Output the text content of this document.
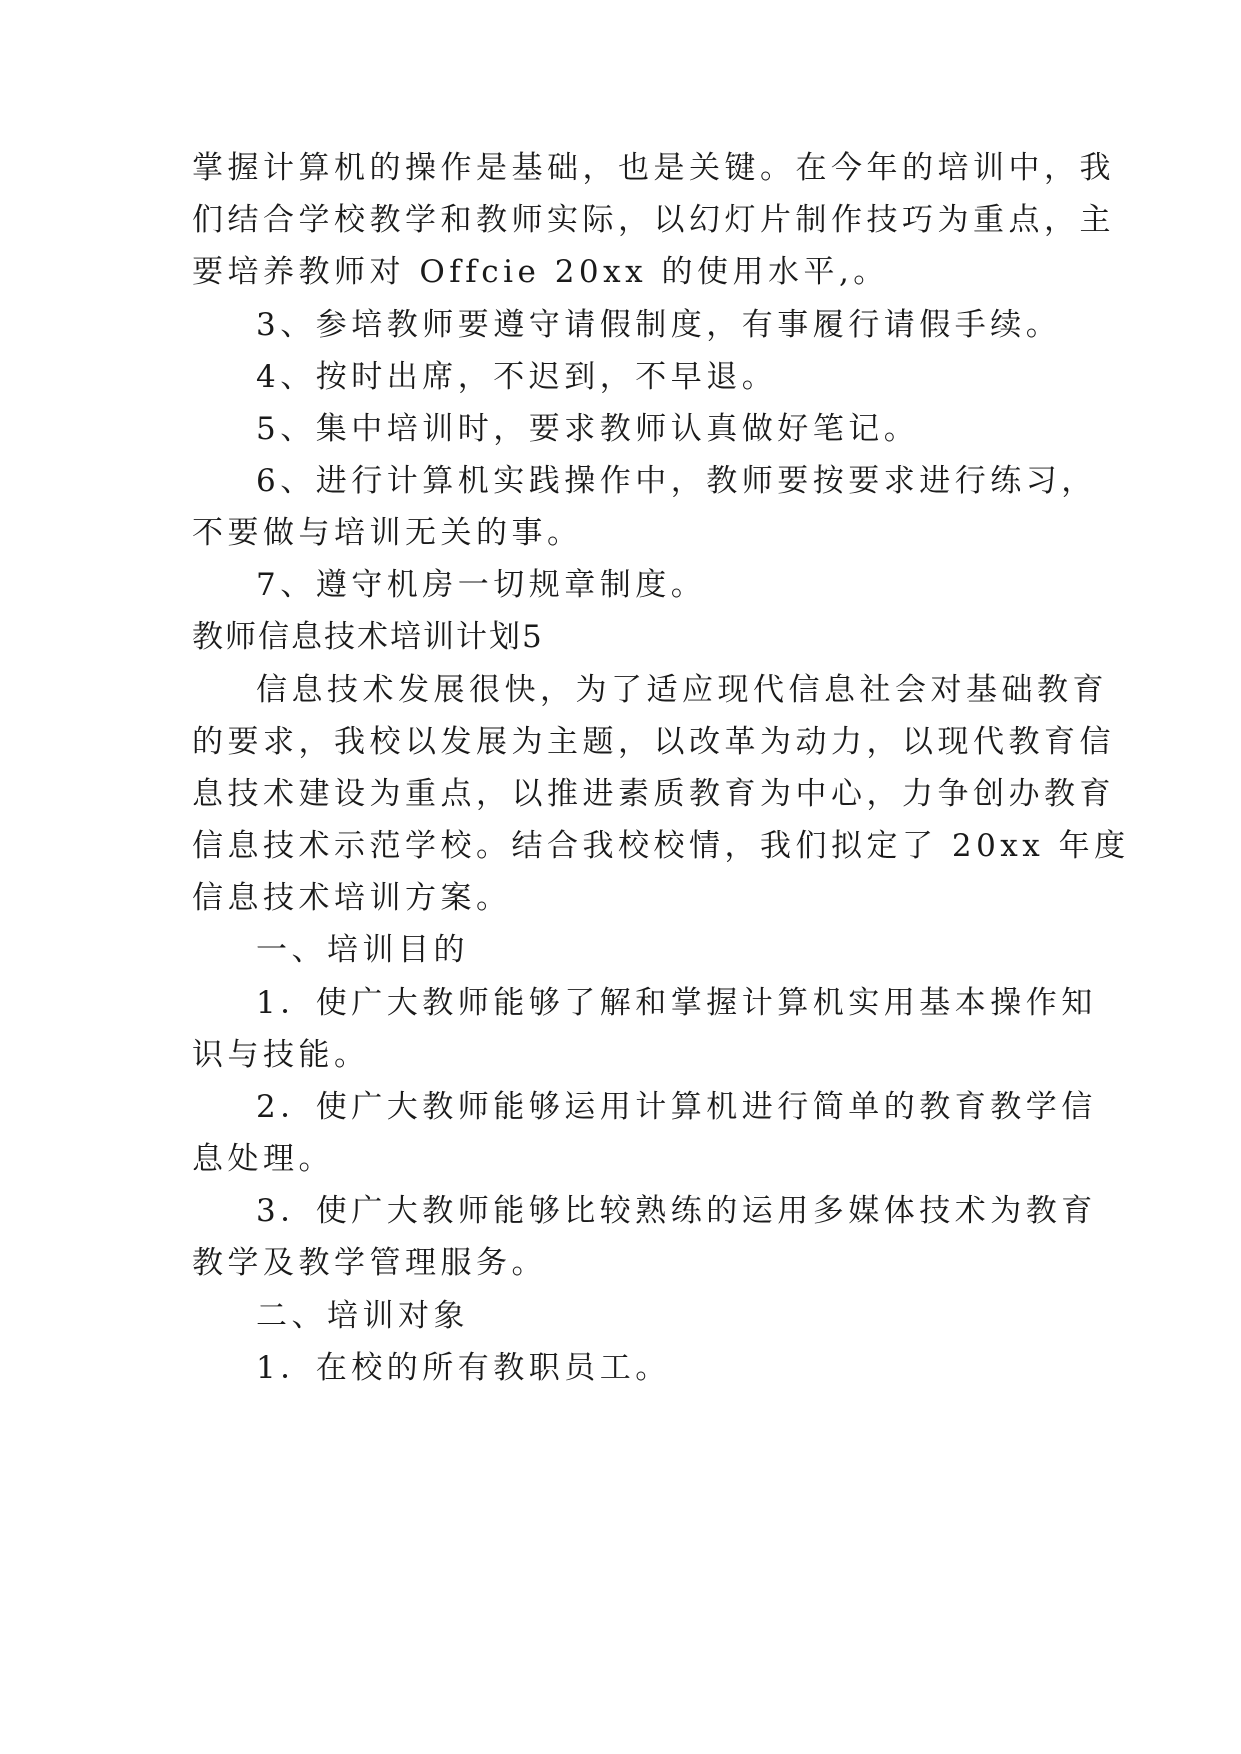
掌握计算机的操作是基础，也是关键。在今年的培训中，我
们结合学校教学和教师实际，以幻灯片制作技巧为重点，主
要培养教师对 Offcie 20xx 的使用水平,。
3、参培教师要遵守请假制度，有事履行请假手续。
4、按时出席，不迟到，不早退。
5、集中培训时，要求教师认真做好笔记。
6、进行计算机实践操作中，教师要按要求进行练习，
不要做与培训无关的事。
7、遵守机房一切规章制度。
教师信息技术培训计划5
信息技术发展很快，为了适应现代信息社会对基础教育
的要求，我校以发展为主题，以改革为动力，以现代教育信
息技术建设为重点，以推进素质教育为中心，力争创办教育
信息技术示范学校。结合我校校情，我们拟定了 20xx 年度
信息技术培训方案。
一、培训目的
1．使广大教师能够了解和掌握计算机实用基本操作知
识与技能。
2．使广大教师能够运用计算机进行简单的教育教学信
息处理。
3．使广大教师能够比较熟练的运用多媒体技术为教育
教学及教学管理服务。
二、培训对象
1．在校的所有教职员工。
